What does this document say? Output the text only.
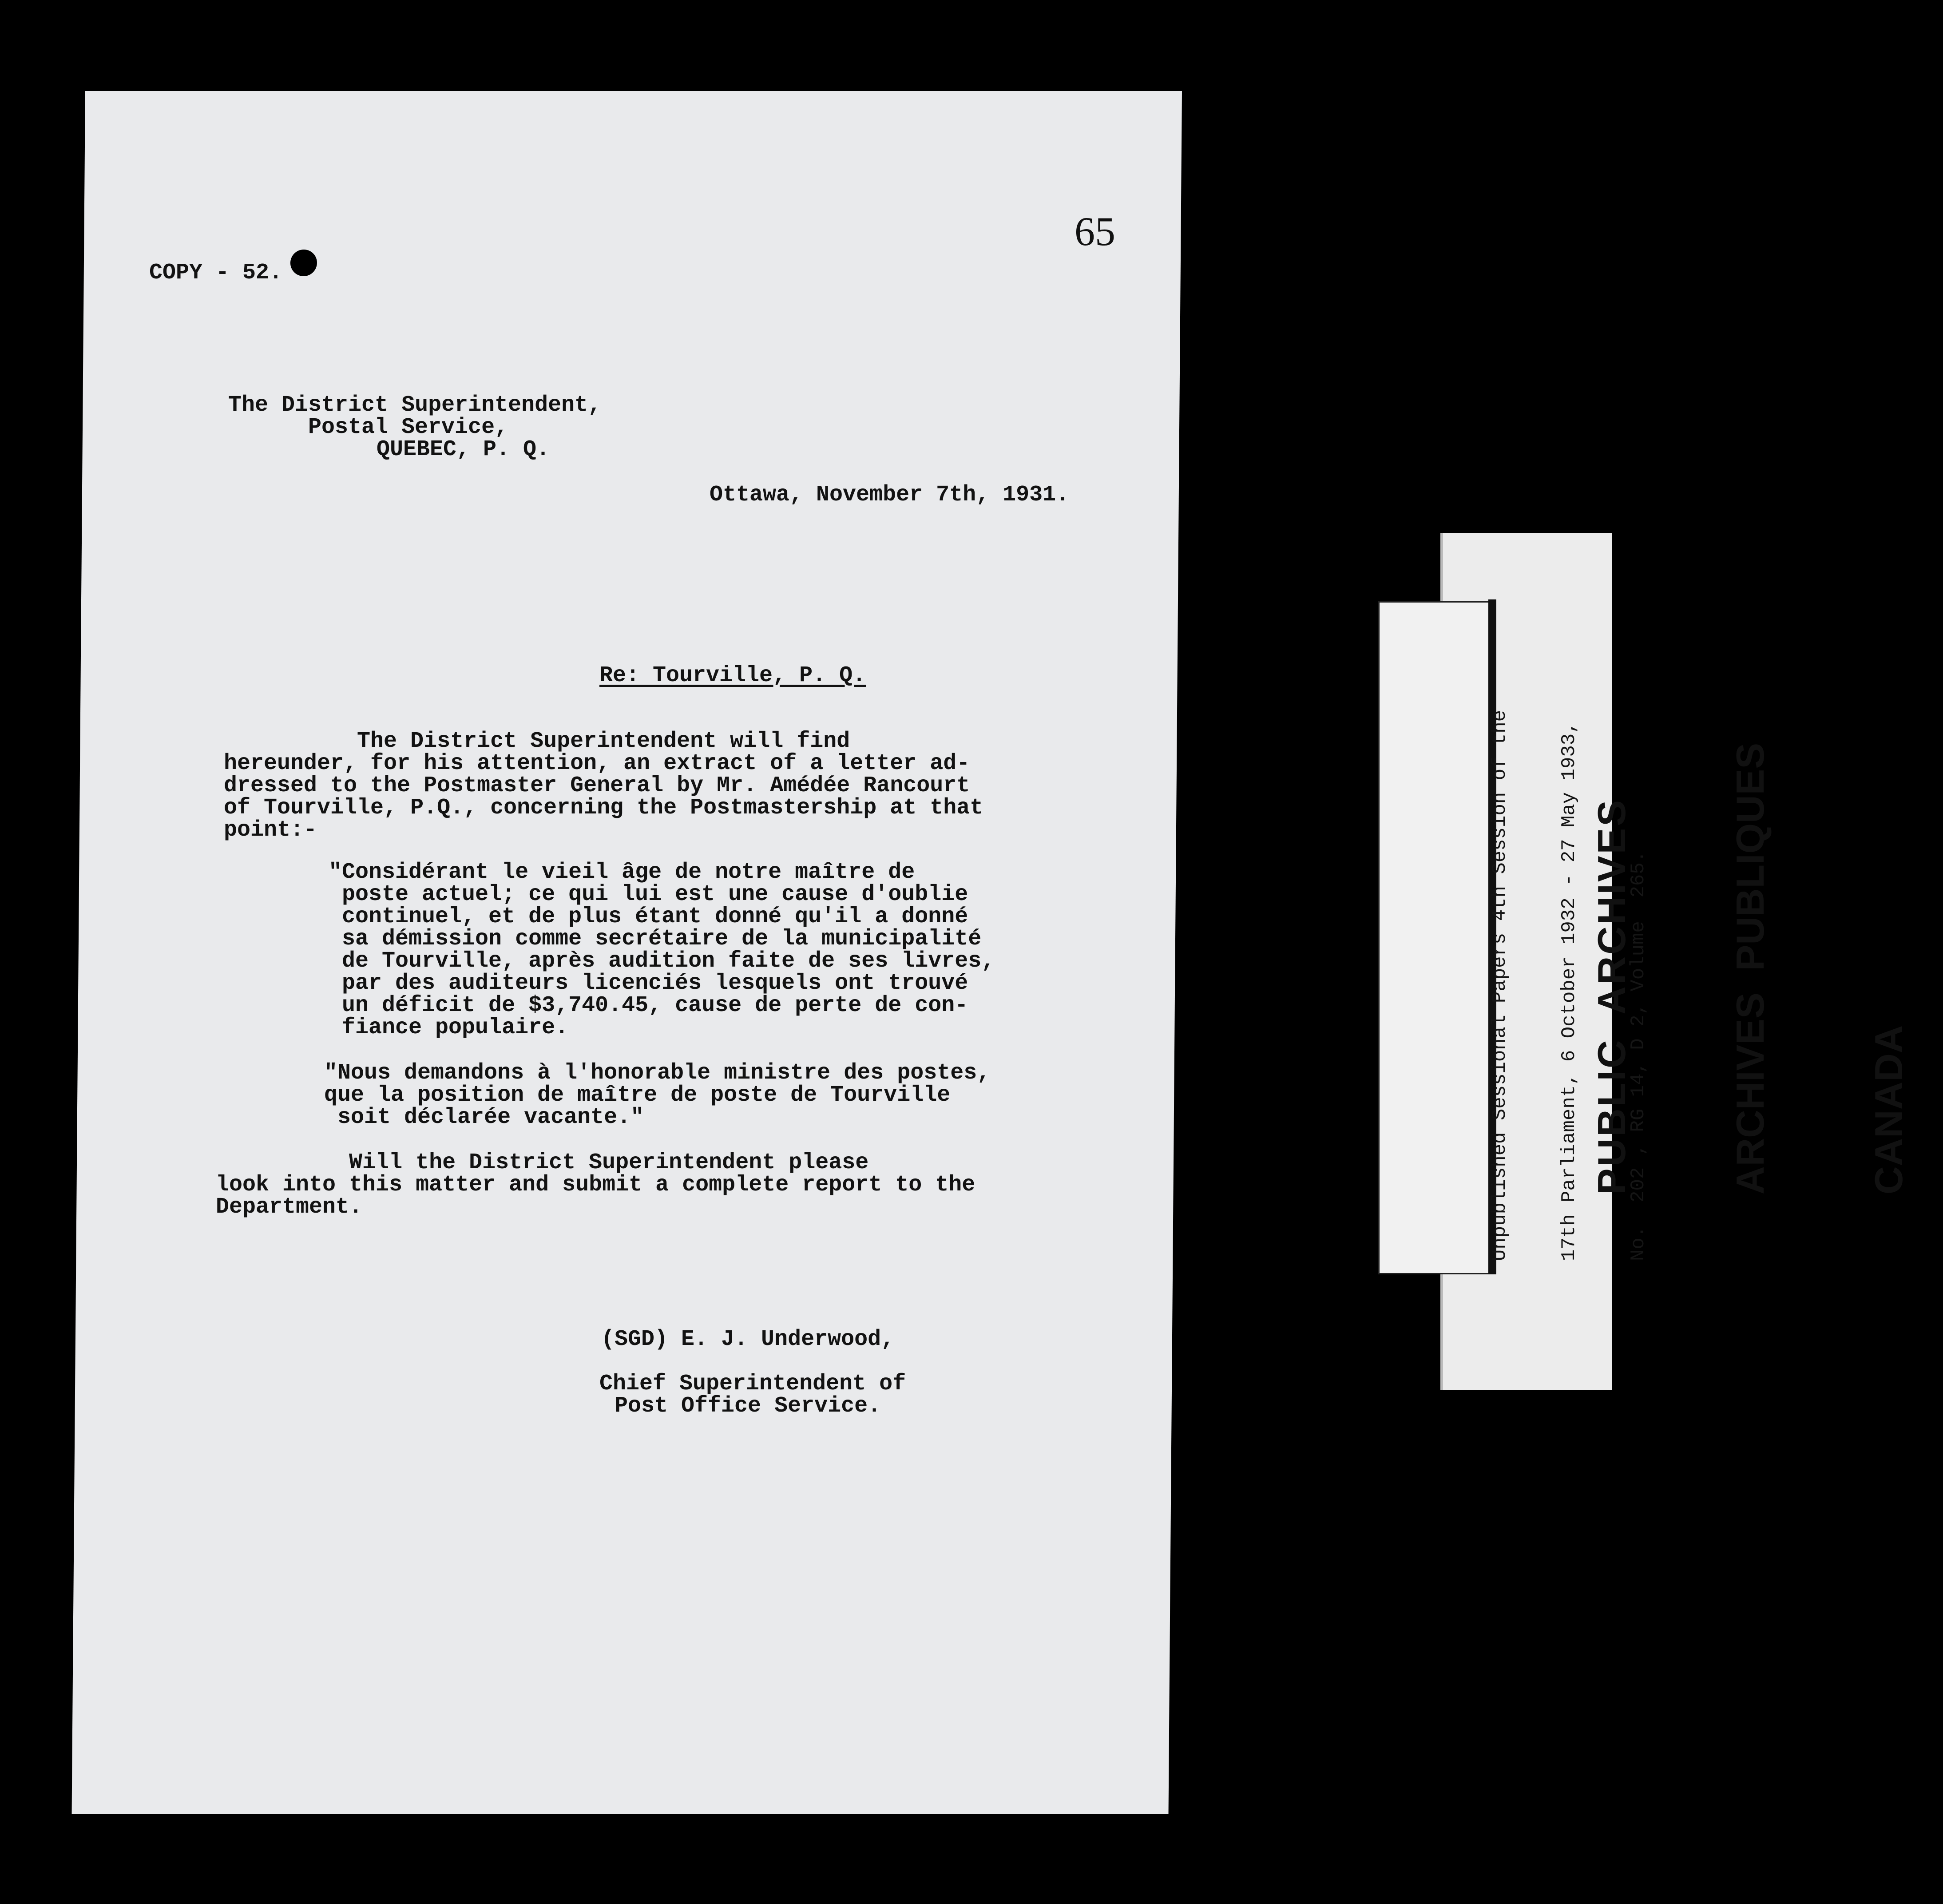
65
COPY - 52.
The District Superintendent,
Postal Service,
QUEBEC, P. Q.
Ottawa, November 7th, 1931.
Re: Tourville, P. Q.
The District Superintendent will find
hereunder, for his attention, an extract of a letter ad-
dressed to the Postmaster General by Mr. Amédée Rancourt
of Tourville, P.Q., concerning the Postmastership at that
point:-
"Considérant le vieil âge de notre maître de
poste actuel; ce qui lui est une cause d'oublie
continuel, et de plus étant donné qu'il a donné
sa démission comme secrétaire de la municipalité
de Tourville, après audition faite de ses livres,
par des auditeurs licenciés lesquels ont trouvé
un déficit de $3,740.45, cause de perte de con-
fiance populaire.
"Nous demandons à l'honorable ministre des postes,
que la position de maître de poste de Tourville
soit déclarée vacante."
Will the District Superintendent please
look into this matter and submit a complete report to the
Department.
(SGD) E. J. Underwood,
Chief Superintendent of
Post Office Service.

Unpublished Sessional Papers 4th Session of the

17th Parliament, 6 October 1932 - 27 May 1933,

No.  202 , RG 14, D 2, Volume  265.

PUBLIC  ARCHIVES

ARCHIVES  PUBLIQUES

CANADA
